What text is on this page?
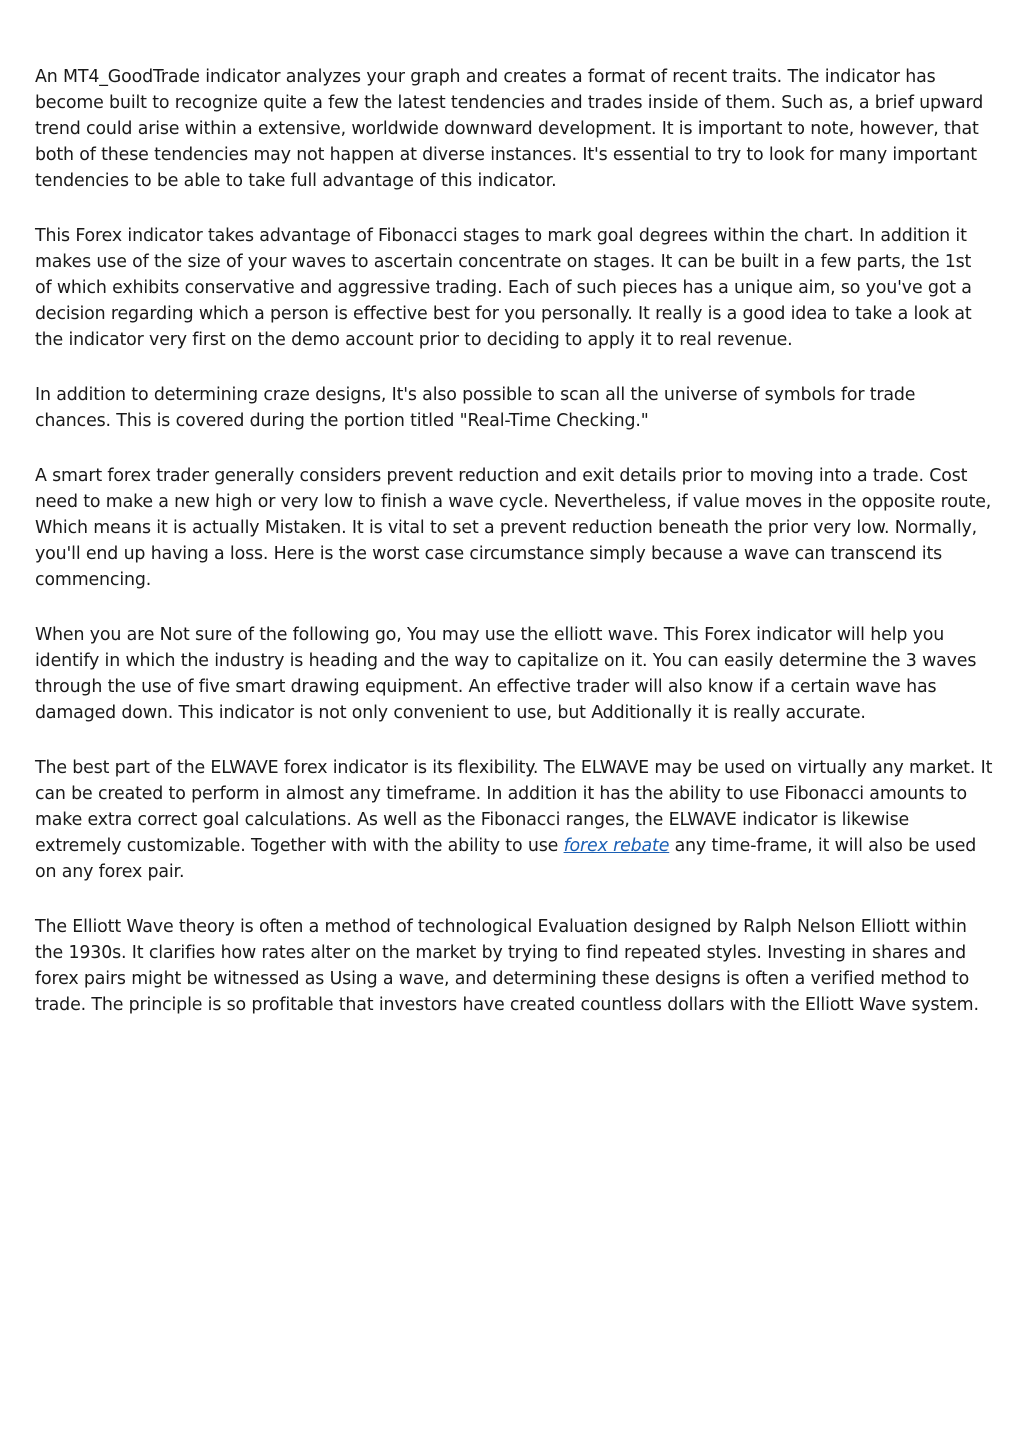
An MT4_GoodTrade indicator analyzes your graph and creates a format of recent traits. The indicator has become built to recognize quite a few the latest tendencies and trades inside of them. Such as, a brief upward trend could arise within a extensive, worldwide downward development. It is important to note, however, that both of these tendencies may not happen at diverse instances. It's essential to try to look for many important tendencies to be able to take full advantage of this indicator.

This Forex indicator takes advantage of Fibonacci stages to mark goal degrees within the chart. In addition it makes use of the size of your waves to ascertain concentrate on stages. It can be built in a few parts, the 1st of which exhibits conservative and aggressive trading. Each of such pieces has a unique aim, so you've got a decision regarding which a person is effective best for you personally. It really is a good idea to take a look at the indicator very first on the demo account prior to deciding to apply it to real revenue.

In addition to determining craze designs, It's also possible to scan all the universe of symbols for trade chances. This is covered during the portion titled "Real-Time Checking."

A smart forex trader generally considers prevent reduction and exit details prior to moving into a trade. Cost need to make a new high or very low to finish a wave cycle. Nevertheless, if value moves in the opposite route, Which means it is actually Mistaken. It is vital to set a prevent reduction beneath the prior very low. Normally, you'll end up having a loss. Here is the worst case circumstance simply because a wave can transcend its commencing.

When you are Not sure of the following go, You may use the elliott wave. This Forex indicator will help you identify in which the industry is heading and the way to capitalize on it. You can easily determine the 3 waves through the use of five smart drawing equipment. An effective trader will also know if a certain wave has damaged down. This indicator is not only convenient to use, but Additionally it is really accurate.

The best part of the ELWAVE forex indicator is its flexibility. The ELWAVE may be used on virtually any market. It can be created to perform in almost any timeframe. In addition it has the ability to use Fibonacci amounts to make extra correct goal calculations. As well as the Fibonacci ranges, the ELWAVE indicator is likewise extremely customizable. Together with with the ability to use forex rebate any time-frame, it will also be used on any forex pair.

The Elliott Wave theory is often a method of technological Evaluation designed by Ralph Nelson Elliott within the 1930s. It clarifies how rates alter on the market by trying to find repeated styles. Investing in shares and forex pairs might be witnessed as Using a wave, and determining these designs is often a verified method to trade. The principle is so profitable that investors have created countless dollars with the Elliott Wave system.
